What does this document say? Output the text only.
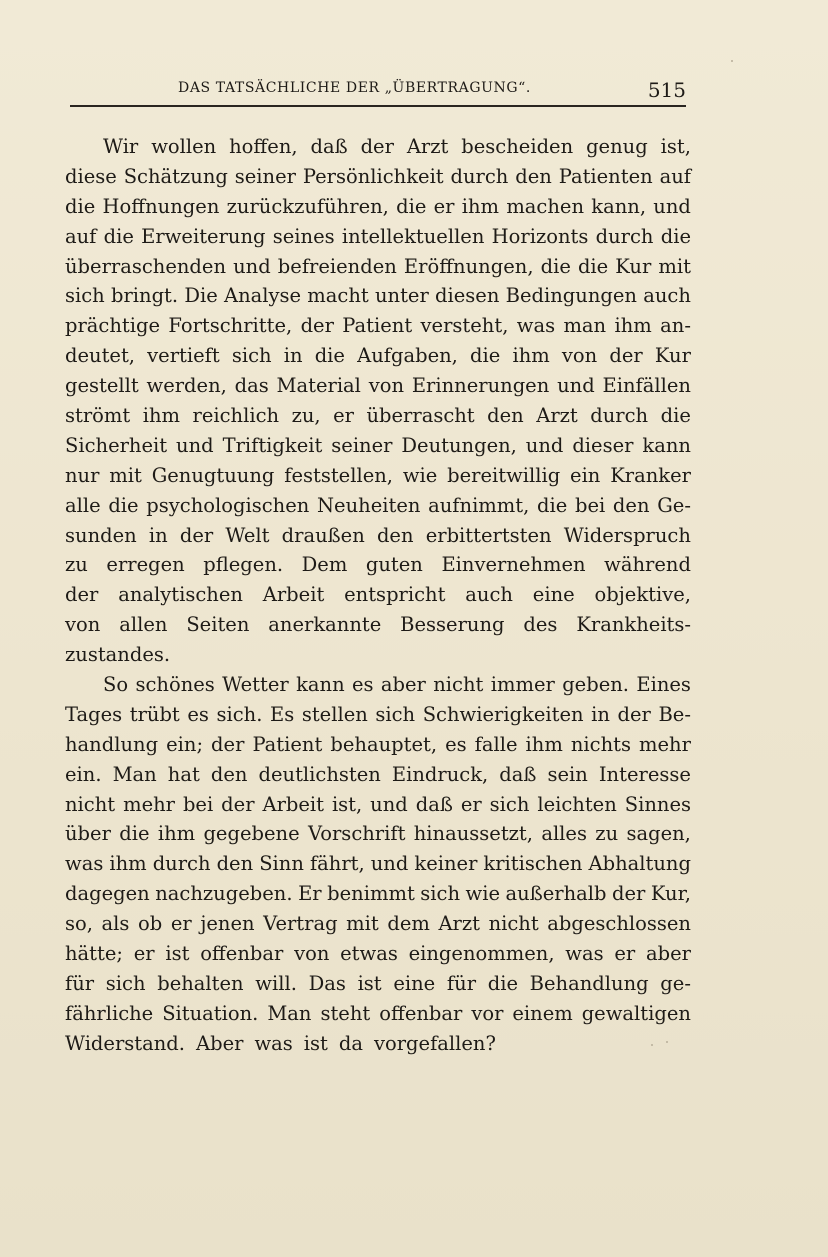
DAS TATSÄCHLICHE DER „ÜBERTRAGUNG“.	515
Wir wollen hoffen, daß der Arzt bescheiden genug ist,
diese Schätzung seiner Persönlichkeit durch den Patienten auf
die Hoffnungen zurückzuführen, die er ihm machen kann, und
auf die Erweiterung seines intellektuellen Horizonts durch die
überraschenden und befreienden Eröffnungen, die die Kur mit
sich bringt. Die Analyse macht unter diesen Bedingungen auch
prächtige Fortschritte, der Patient versteht, was man ihm an-
deutet, vertieft sich in die Aufgaben, die ihm von der Kur
gestellt werden, das Material von Erinnerungen und Einfällen
strömt ihm reichlich zu, er überrascht den Arzt durch die
Sicherheit und Triftigkeit seiner Deutungen, und dieser kann
nur mit Genugtuung feststellen, wie bereitwillig ein Kranker
alle die psychologischen Neuheiten aufnimmt, die bei den Ge-
sunden in der Welt draußen den erbittertsten Widerspruch
zu erregen pflegen. Dem guten Einvernehmen während
der analytischen Arbeit entspricht auch eine objektive,
von allen Seiten anerkannte Besserung des Krankheits-
zustandes.
So schönes Wetter kann es aber nicht immer geben. Eines
Tages trübt es sich. Es stellen sich Schwierigkeiten in der Be-
handlung ein; der Patient behauptet, es falle ihm nichts mehr
ein. Man hat den deutlichsten Eindruck, daß sein Interesse
nicht mehr bei der Arbeit ist, und daß er sich leichten Sinnes
über die ihm gegebene Vorschrift hinaussetzt, alles zu sagen,
was ihm durch den Sinn fährt, und keiner kritischen Abhaltung
dagegen nachzugeben. Er benimmt sich wie außerhalb der Kur,
so, als ob er jenen Vertrag mit dem Arzt nicht abgeschlossen
hätte; er ist offenbar von etwas eingenommen, was er aber
für sich behalten will. Das ist eine für die Behandlung ge-
fährliche Situation. Man steht offenbar vor einem gewaltigen
Widerstand. Aber was ist da vorgefallen?
